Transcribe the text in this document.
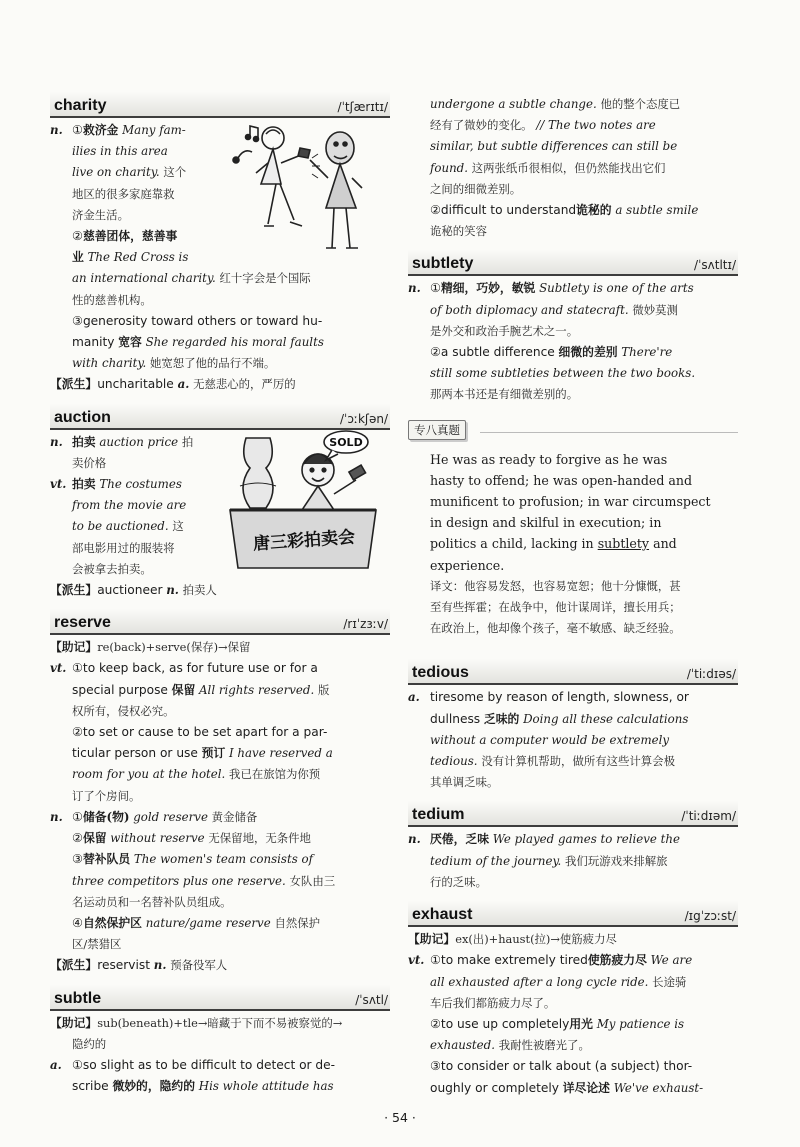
charity	/ˈtʃærɪtɪ/
n. ①救济金 Many fam-
ilies in this area
live on charity. 这个
地区的很多家庭靠救
济金生活。
②慈善团体，慈善事
业 The Red Cross is
an international charity. 红十字会是个国际
性的慈善机构。
③generosity toward others or toward hu-
manity 宽容 She regarded his moral faults
with charity. 她宽恕了他的品行不端。
【派生】uncharitable a. 无慈悲心的，严厉的
auction	/ˈɔːkʃən/
n. 拍卖 auction price 拍
卖价格
vt. 拍卖 The costumes
from the movie are
to be auctioned. 这
部电影用过的服装将
会被拿去拍卖。
【派生】auctioneer n. 拍卖人
reserve	/rɪˈzɜːv/
【助记】re(back)+serve(保存)→保留
vt. ①to keep back, as for future use or for a
special purpose 保留 All rights reserved. 版
权所有，侵权必究。
②to set or cause to be set apart for a par-
ticular person or use 预订 I have reserved a
room for you at the hotel. 我已在旅馆为你预
订了个房间。
n. ①储备(物) gold reserve 黄金储备
②保留 without reserve 无保留地，无条件地
③替补队员 The women's team consists of
three competitors plus one reserve. 女队由三
名运动员和一名替补队员组成。
④自然保护区 nature/game reserve 自然保护
区/禁猎区
【派生】reservist n. 预备役军人
subtle	/ˈsʌtl/
【助记】sub(beneath)+tle→暗藏于下而不易被察觉的→
隐约的
a. ①so slight as to be difficult to detect or de-
scribe 微妙的，隐约的 His whole attitude has
SOLD
唐三彩拍卖会
undergone a subtle change. 他的整个态度已
经有了微妙的变化。 // The two notes are
similar, but subtle differences can still be
found. 这两张纸币很相似，但仍然能找出它们
之间的细微差别。
②difficult to understand诡秘的 a subtle smile
诡秘的笑容
subtlety	/ˈsʌtltɪ/
n. ①精细，巧妙，敏锐 Subtlety is one of the arts
of both diplomacy and statecraft. 微妙莫测
是外交和政治手腕艺术之一。
②a subtle difference 细微的差别 There're
still some subtleties between the two books.
那两本书还是有细微差别的。
专八真题
He was as ready to forgive as he was
hasty to offend; he was open-handed and
munificent to profusion; in war circumspect
in design and skilful in execution; in
politics a child, lacking in subtlety and
experience.
译文：他容易发怒，也容易宽恕；他十分慷慨，甚
至有些挥霍；在战争中，他计谋周详，擅长用兵；
在政治上，他却像个孩子，毫不敏感、缺乏经验。
tedious	/ˈtiːdɪəs/
a. tiresome by reason of length, slowness, or
dullness 乏味的 Doing all these calculations
without a computer would be extremely
tedious. 没有计算机帮助，做所有这些计算会极
其单调乏味。
tedium	/ˈtiːdɪəm/
n. 厌倦，乏味 We played games to relieve the
tedium of the journey. 我们玩游戏来排解旅
行的乏味。
exhaust	/ɪgˈzɔːst/
【助记】ex(出)+haust(拉)→使筋疲力尽
vt. ①to make extremely tired使筋疲力尽 We are
all exhausted after a long cycle ride. 长途骑
车后我们都筋疲力尽了。
②to use up completely用光 My patience is
exhausted. 我耐性被磨光了。
③to consider or talk about (a subject) thor-
oughly or completely 详尽论述 We've exhaust-
· 54 ·
